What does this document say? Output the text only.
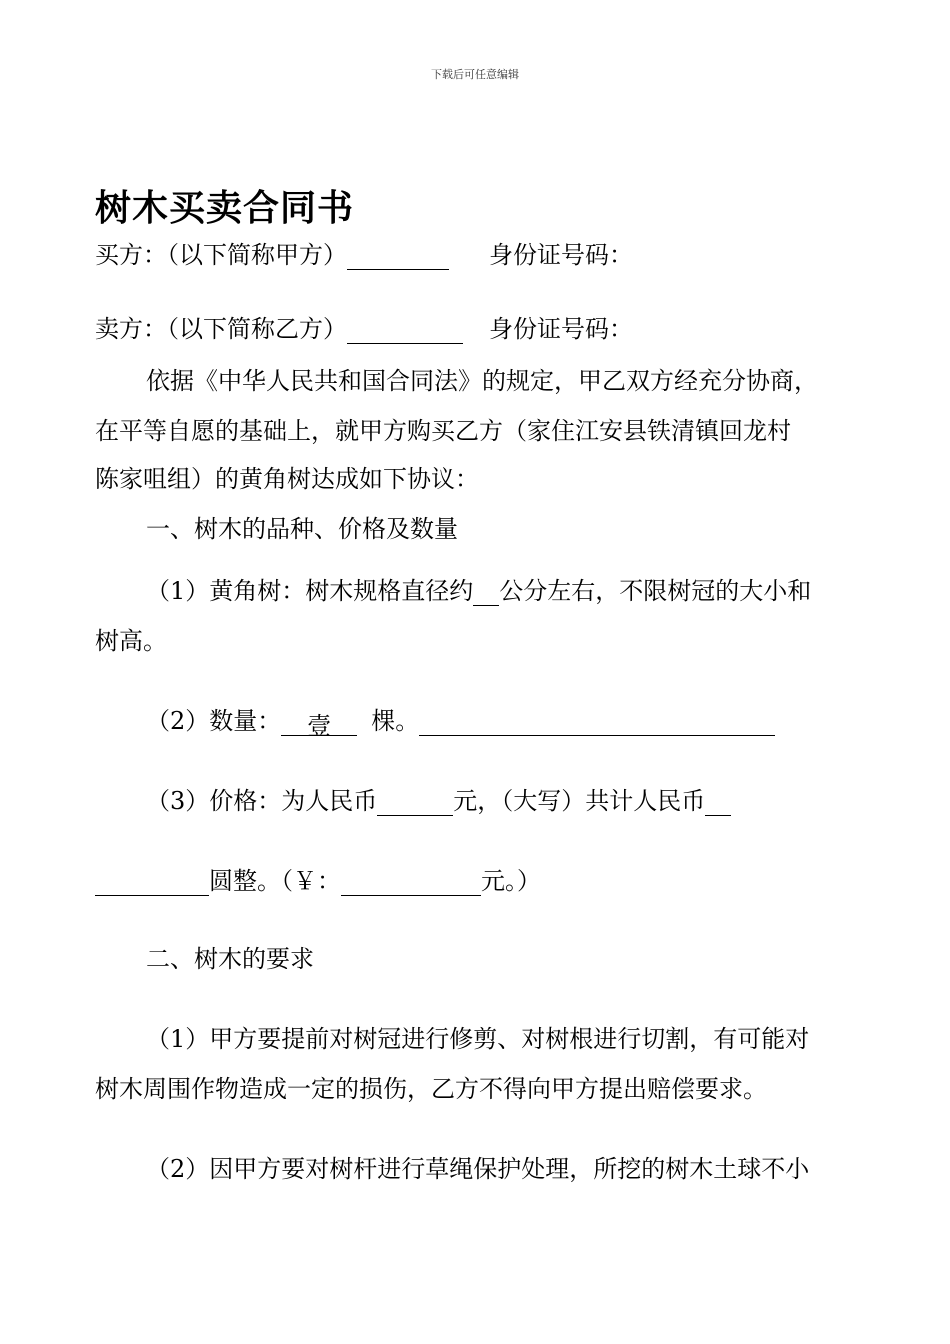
下载后可任意编辑
树木买卖合同书
买方：（以下简称甲方）	身份证号码：
卖方：（以下简称乙方）	身份证号码：
依据《中华人民共和国合同法》的规定，甲乙双方经充分协商，
在平等自愿的基础上，就甲方购买乙方（家住江安县铁清镇回龙村
陈家咀组）的黄角树达成如下协议：
一、树木的品种、价格及数量
（1）黄角树：树木规格直径约 公分左右，不限树冠的大小和
树高。
（2）数量： 壹 棵。
（3）价格：为人民币	元，（大写）共计人民币
圆整。（￥：	元。）
二、树木的要求
（1）甲方要提前对树冠进行修剪、对树根进行切割，有可能对
树木周围作物造成一定的损伤，乙方不得向甲方提出赔偿要求。
（2）因甲方要对树杆进行草绳保护处理，所挖的树木土球不小
